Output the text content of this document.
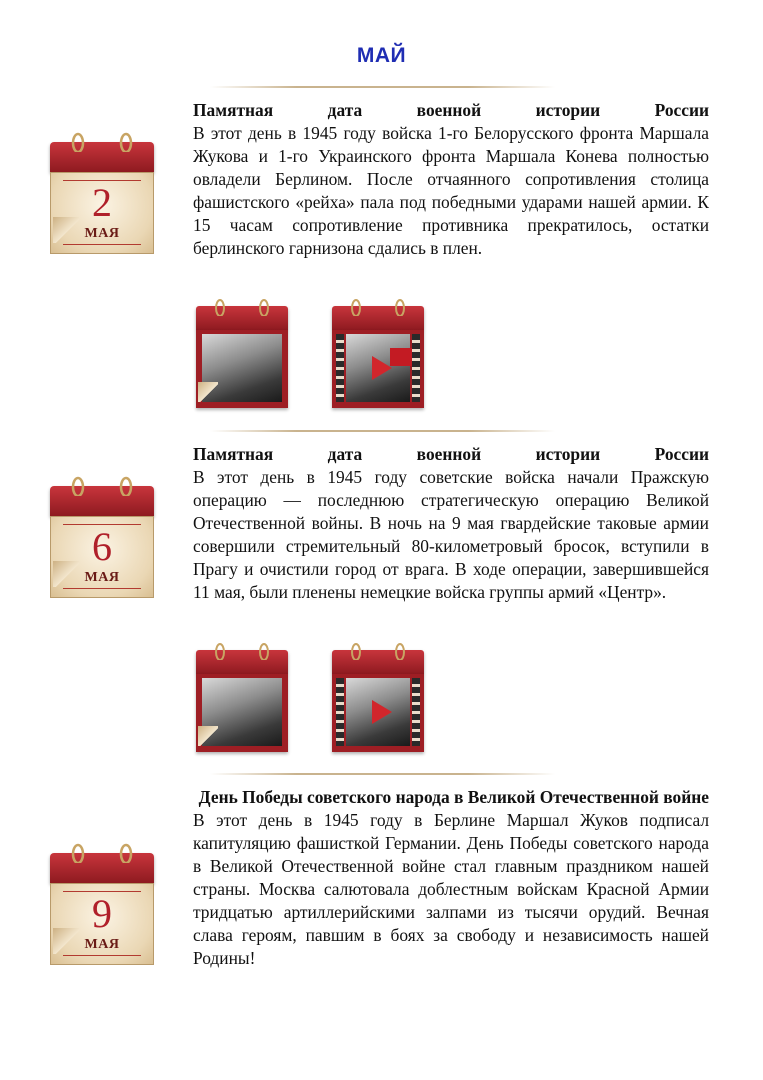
МАЙ
2
МАЯ
Памятная дата военной истории России
В этот день в 1945 году войска 1-го Белорусского фронта Маршала Жукова и 1-го Украинского фронта Маршала Конева полностью овладели Берлином. После отчаянного сопротивления столица фашистского «рейха» пала под победными ударами нашей армии. К 15 часам сопротивление противника прекратилось, остатки берлинского гарнизона сдались в плен.
6
МАЯ
Памятная дата военной истории России
В этот день в 1945 году советские войска начали Пражскую операцию — последнюю стратегическую операцию Великой Отечественной войны. В ночь на 9 мая гвардейские таковые армии совершили стремительный 80-километровый бросок, вступили в Прагу и очистили город от врага. В ходе операции, завершившейся 11 мая, были пленены немецкие войска группы армий «Центр».
9
МАЯ
День Победы советского народа в Великой Отечественной войне
В этот день в 1945 году в Берлине Маршал Жуков подписал капитуляцию фашисткой Германии. День Победы советского народа в Великой Отечественной войне стал главным праздником нашей страны. Москва салютовала доблестным войскам Красной Армии тридцатью артиллерийскими залпами из тысячи орудий. Вечная слава героям, павшим в боях за свободу и независимость нашей Родины!
